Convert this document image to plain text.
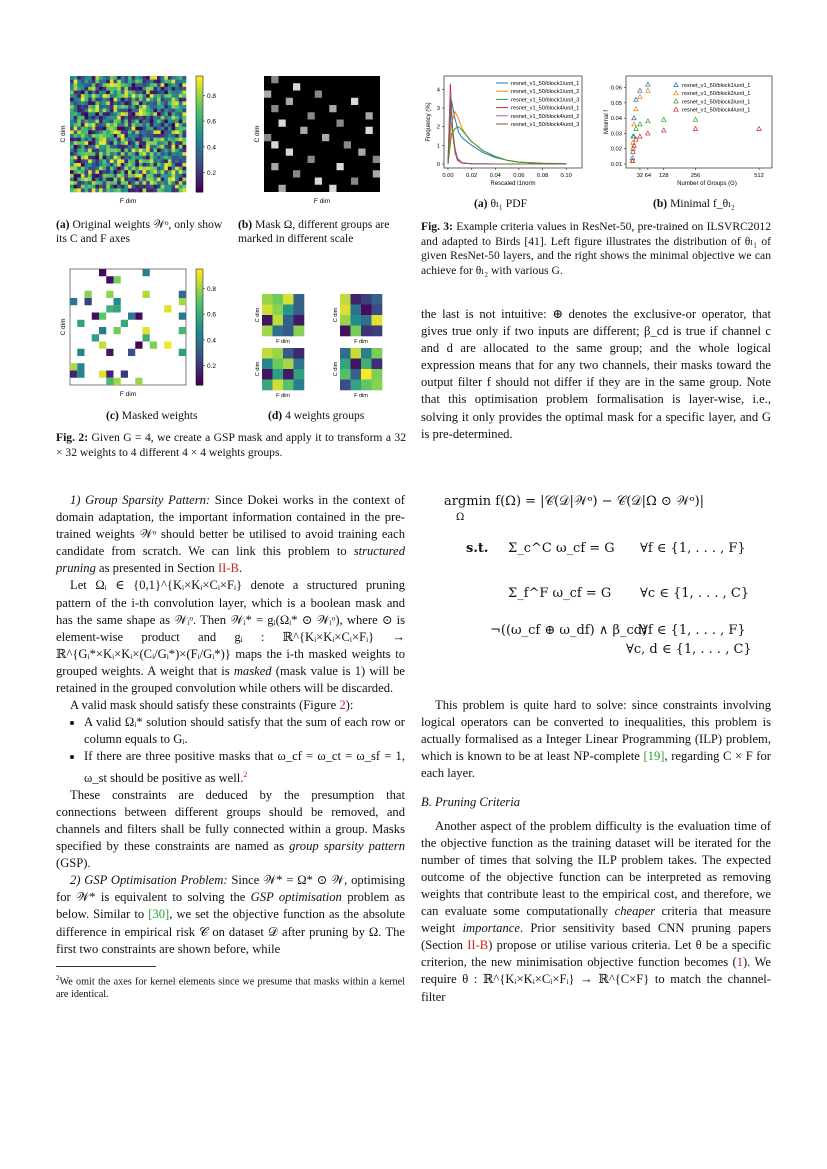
F dim
C dim
0.8
0.6
0.4
0.2
F dim
C dim
(a) Original weights 𝒲ᵒ, only show its C and F axes
(b) Mask Ω, different groups are marked in different scale
F dim
C dim
0.8
0.6
0.4
0.2
C dim
F dim
C dim
F dim
C dim
F dim
C dim
F dim
(c) Masked weights	(d) 4 weights groups
Fig. 2: Given G = 4, we create a GSP mask and apply it to transform a 32 × 32 weights to 4 different 4 × 4 weights groups.
0.00 0.02 0.04 0.06 0.08 0.10
0
1
2
3
4
Rescaled l1norm
Frequency (%)
resnet_v1_50/block1/unit_1
resnet_v1_50/block1/unit_2
resnet_v1_50/block1/unit_3
resnet_v1_50/block4/unit_1
resnet_v1_50/block4/unit_2
resnet_v1_50/block4/unit_3
32 64 128	256	512
0.01
0.02
0.03
0.04
0.05
0.06
Number of Groups (G)
Minimal f
resnet_v1_50/block1/unit_1
resnet_v1_50/block2/unit_1
resnet_v1_50/block3/unit_1
resnet_v1_50/block4/unit_1
(a) θₗ₁ PDF	(b) Minimal f_θₗ₂
Fig. 3: Example criteria values in ResNet-50, pre-trained on ILSVRC2012 and adapted to Birds [41]. Left figure illustrates the distribution of θₗ₁ of given ResNet-50 layers, and the right shows the minimal objective we can achieve for θₗ₂ with various G.

1) Group Sparsity Pattern: Since Dokei works in the context of domain adaptation, the important information contained in the pre-trained weights 𝒲ᵒ should better be utilised to avoid training each candidate from scratch. We can link this problem to structured pruning as presented in Section II-B.

Let Ωᵢ ∈ {0,1}^{Kᵢ×Kᵢ×Cᵢ×Fᵢ} denote a structured pruning pattern of the i-th convolution layer, which is a boolean mask and has the same shape as 𝒲ᵢᵒ. Then 𝒲ᵢ* = gᵢ(Ωᵢ* ⊙ 𝒲ᵢᵒ), where ⊙ is element-wise product and gᵢ : ℝ^{Kᵢ×Kᵢ×Cᵢ×Fᵢ} → ℝ^{Gᵢ*×Kᵢ×Kᵢ×(Cᵢ/Gᵢ*)×(Fᵢ/Gᵢ*)} maps the i-th masked weights to grouped weights. A weight that is masked (mask value is 1) will be retained in the grouped convolution while others will be discarded.

A valid mask should satisfy these constraints (Figure 2):

• A valid Ωᵢ* solution should satisfy that the sum of each row or column equals to Gᵢ.
• If there are three positive masks that ω_cf = ω_ct = ω_sf = 1, ω_st should be positive as well.$^2$

These constraints are deduced by the presumption that connections between different groups should be removed, and channels and filters shall be fully connected within a group. Masks specified by these constraints are named as group sparsity pattern (GSP).

2) GSP Optimisation Problem: Since 𝒲* = Ω* ⊙ 𝒲, optimising for 𝒲* is equivalent to solving the GSP optimisation problem as below. Similar to [30], we set the objective function as the absolute difference in empirical risk 𝒞 on dataset 𝒟 after pruning by Ω. The first two constraints are shown before, while

$^2$We omit the axes for kernel elements since we presume that masks within a kernel are identical.

the last is not intuitive: ⊕ denotes the exclusive-or operator, that gives true only if two inputs are different; β_cd is true if channel c and d are allocated to the same group; and the whole logical expression means that for any two channels, their masks toward the output filter f should not differ if they are in the same group. Note that this optimisation problem formalisation is layer-wise, i.e., solving it only provides the optimal mask for a specific layer, and G is pre-determined.

argmin f(Ω) = |𝒞(𝒟|𝒲ᵒ) − 𝒞(𝒟|Ω ⊙ 𝒲ᵒ)|
Ω
s.t. Σ_c^C ω_cf = G ∀f ∈ {1, . . . , F}
Σ_f^F ω_cf = G ∀c ∈ {1, . . . , C}
¬((ω_cf ⊕ ω_df) ∧ β_cd)
∀f ∈ {1, . . . , F}
∀c, d ∈ {1, . . . , C}

This problem is quite hard to solve: since constraints involving logical operators can be converted to inequalities, this problem is actually formalised as a Integer Linear Programming (ILP) problem, which is known to be at least NP-complete [19], regarding C × F for each layer.

B. Pruning Criteria

Another aspect of the problem difficulty is the evaluation time of the objective function as the training dataset will be iterated for the number of times that solving the ILP problem takes. The expected outcome of the objective function can be interpreted as removing weights that contribute least to the empirical cost, and therefore, we can evaluate some computationally cheaper criteria that measure weight importance. Prior sensitivity based CNN pruning papers (Section II-B) propose or utilise various criteria. Let θ be a specific criterion, the new minimisation objective function becomes (1). We require θ : ℝ^{Kᵢ×Kᵢ×Cᵢ×Fᵢ} → ℝ^{C×F} to match the channel-filter
